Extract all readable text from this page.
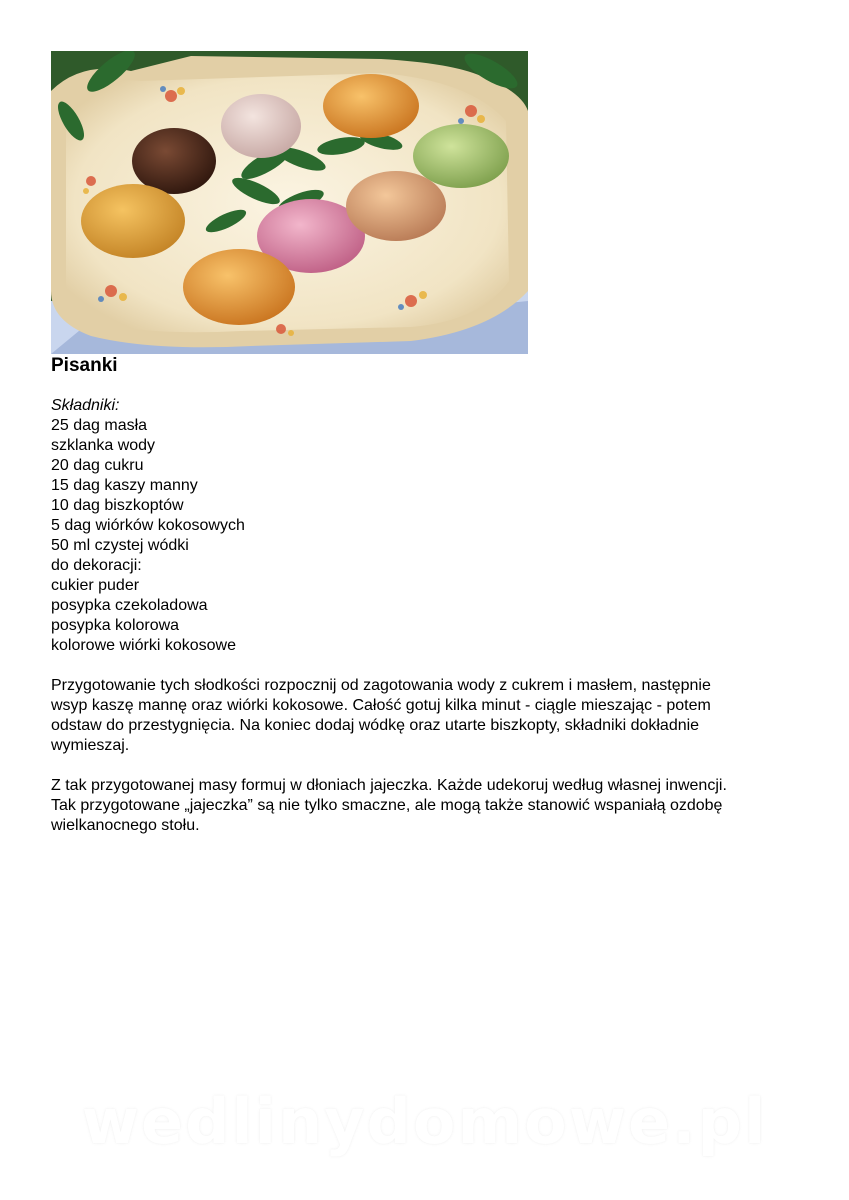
Pisanki
Składniki:
25 dag masła
szklanka wody
20 dag cukru
15 dag kaszy manny
10 dag biszkoptów
5 dag wiórków kokosowych
50 ml czystej wódki
do dekoracji:
cukier puder
posypka czekoladowa
posypka kolorowa
kolorowe wiórki kokosowe

Przygotowanie tych słodkości rozpocznij od zagotowania wody z cukrem i masłem, następnie
wsyp kaszę mannę oraz wiórki kokosowe. Całość gotuj kilka minut - ciągle mieszając - potem
odstaw do przestygnięcia. Na koniec dodaj wódkę oraz utarte biszkopty, składniki dokładnie
wymieszaj.

Z tak przygotowanej masy formuj w dłoniach jajeczka. Każde udekoruj według własnej inwencji.
Tak przygotowane „jajeczka” są nie tylko smaczne, ale mogą także stanowić wspaniałą ozdobę
wielkanocnego stołu.

wedlinydomowe.pl
